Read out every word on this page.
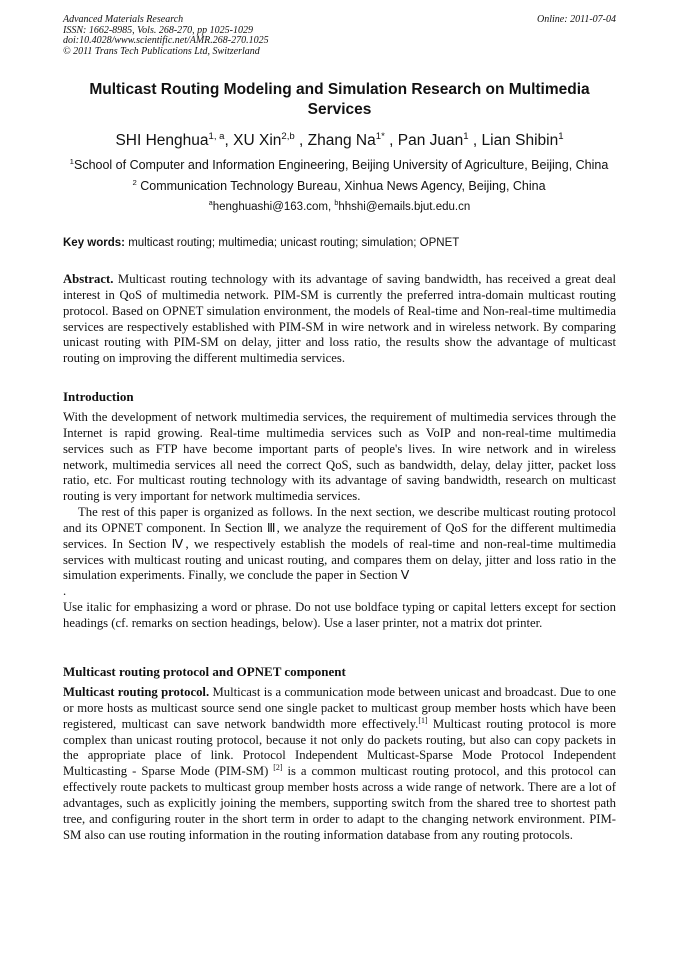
Advanced Materials Research
ISSN: 1662-8985, Vols. 268-270, pp 1025-1029
doi:10.4028/www.scientific.net/AMR.268-270.1025
© 2011 Trans Tech Publications Ltd, Switzerland
Online: 2011-07-04
Multicast Routing Modeling and Simulation Research on Multimedia Services
SHI Henghua$^{1, a}$, XU Xin$^{2,b}$ , Zhang $Na^{1*}$ , Pan Juan$^1$ , Lian Shibin$^1$
$^1$School of Computer and Information Engineering, Beijing University of Agriculture, Beijing, China
$^2$ Communication Technology Bureau, Xinhua News Agency, Beijing, China
$^a$henghuashi@163.com, $^b$hhshi@emails.bjut.edu.cn
Key words: multicast routing; multimedia; unicast routing; simulation; OPNET

Abstract. Multicast routing technology with its advantage of saving bandwidth, has received a great deal interest in QoS of multimedia network. PIM-SM is currently the preferred intra-domain multicast routing protocol. Based on OPNET simulation environment, the models of Real-time and Non-real-time multimedia services are respectively established with PIM-SM in wire network and in wireless network. By comparing unicast routing with PIM-SM on delay, jitter and loss ratio, the results show the advantage of multicast routing on improving the different multimedia services.

Introduction

With the development of network multimedia services, the requirement of multimedia services through the Internet is rapid growing. Real-time multimedia services such as VoIP and non-real-time multimedia services such as FTP have become important parts of people's lives. In wire network and in wireless network, multimedia services all need the correct QoS, such as bandwidth, delay, delay jitter, packet loss ratio, etc. For multicast routing technology with its advantage of saving bandwidth, research on multicast routing is very important for network multimedia services.

The rest of this paper is organized as follows. In the next section, we describe multicast routing protocol and its OPNET component. In Section Ⅲ, we analyze the requirement of QoS for the different multimedia services. In Section Ⅳ, we respectively establish the models of real-time and non-real-time multimedia services with multicast routing and unicast routing, and compares them on delay, jitter and loss ratio in the simulation experiments. Finally, we conclude the paper in Section Ⅴ

.

Use italic for emphasizing a word or phrase. Do not use boldface typing or capital letters except for section headings (cf. remarks on section headings, below). Use a laser printer, not a matrix dot printer.

Multicast routing protocol and OPNET component

Multicast routing protocol. Multicast is a communication mode between unicast and broadcast. Due to one or more hosts as multicast source send one single packet to multicast group member hosts which have been registered, multicast can save network bandwidth more effectively.[1] Multicast routing protocol is more complex than unicast routing protocol, because it not only do packets routing, but also can copy packets in the appropriate place of link. Protocol Independent Multicast-Sparse Mode Protocol Independent Multicasting - Sparse Mode (PIM-SM) [2] is a common multicast routing protocol, and this protocol can effectively route packets to multicast group member hosts across a wide range of network. There are a lot of advantages, such as explicitly joining the members, supporting switch from the shared tree to shortest path tree, and configuring router in the short term in order to adapt to the changing network environment. PIM-SM also can use routing information in the routing information database from any routing protocols.
